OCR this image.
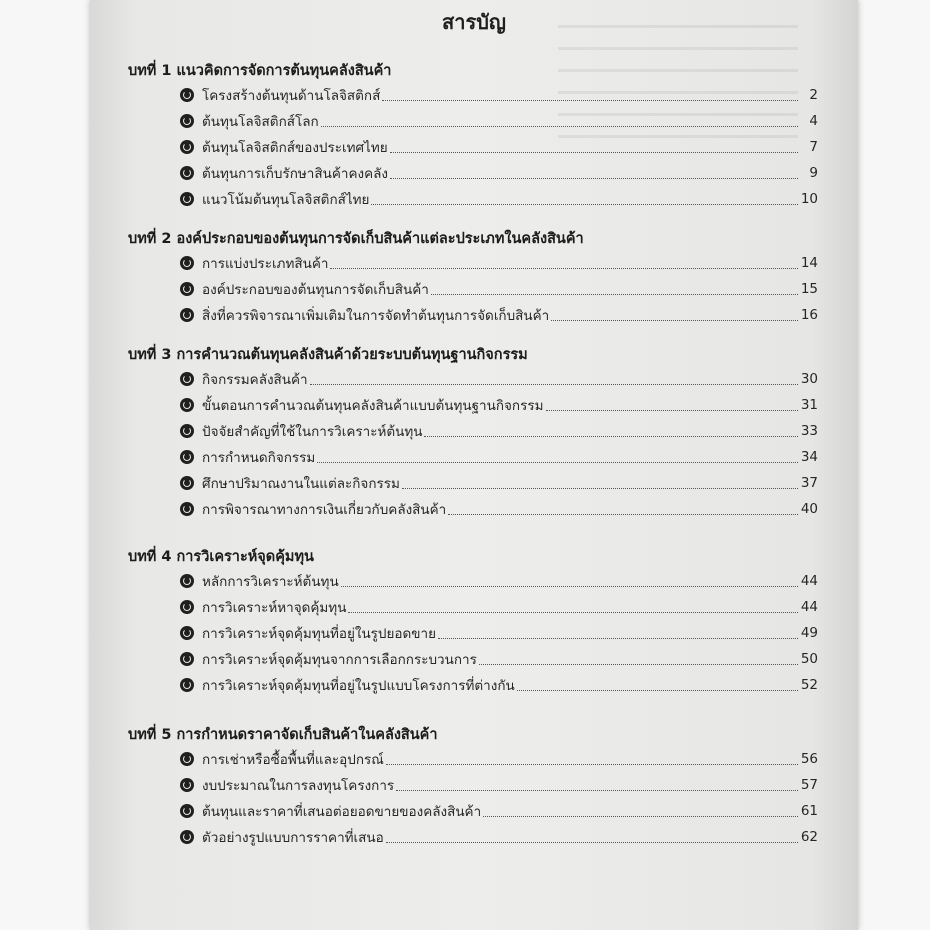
สารบัญ
บทที่ 1 แนวคิดการจัดการต้นทุนคลังสินค้า
โครงสร้างต้นทุนด้านโลจิสติกส์	2
ต้นทุนโลจิสติกส์โลก	4
ต้นทุนโลจิสติกส์ของประเทศไทย	7
ต้นทุนการเก็บรักษาสินค้าคงคลัง	9
แนวโน้มต้นทุนโลจิสติกส์ไทย	10
บทที่ 2 องค์ประกอบของต้นทุนการจัดเก็บสินค้าแต่ละประเภทในคลังสินค้า
การแบ่งประเภทสินค้า	14
องค์ประกอบของต้นทุนการจัดเก็บสินค้า	15
สิ่งที่ควรพิจารณาเพิ่มเติมในการจัดทำต้นทุนการจัดเก็บสินค้า	16
บทที่ 3 การคำนวณต้นทุนคลังสินค้าด้วยระบบต้นทุนฐานกิจกรรม
กิจกรรมคลังสินค้า	30
ขั้นตอนการคำนวณต้นทุนคลังสินค้าแบบต้นทุนฐานกิจกรรม	31
ปัจจัยสำคัญที่ใช้ในการวิเคราะห์ต้นทุน	33
การกำหนดกิจกรรม	34
ศึกษาปริมาณงานในแต่ละกิจกรรม	37
การพิจารณาทางการเงินเกี่ยวกับคลังสินค้า	40
บทที่ 4 การวิเคราะห์จุดคุ้มทุน
หลักการวิเคราะห์ต้นทุน	44
การวิเคราะห์หาจุดคุ้มทุน	44
การวิเคราะห์จุดคุ้มทุนที่อยู่ในรูปยอดขาย	49
การวิเคราะห์จุดคุ้มทุนจากการเลือกกระบวนการ	50
การวิเคราะห์จุดคุ้มทุนที่อยู่ในรูปแบบโครงการที่ต่างกัน	52
บทที่ 5 การกำหนดราคาจัดเก็บสินค้าในคลังสินค้า
การเช่าหรือซื้อพื้นที่และอุปกรณ์	56
งบประมาณในการลงทุนโครงการ	57
ต้นทุนและราคาที่เสนอต่อยอดขายของคลังสินค้า	61
ตัวอย่างรูปแบบการราคาที่เสนอ	62
